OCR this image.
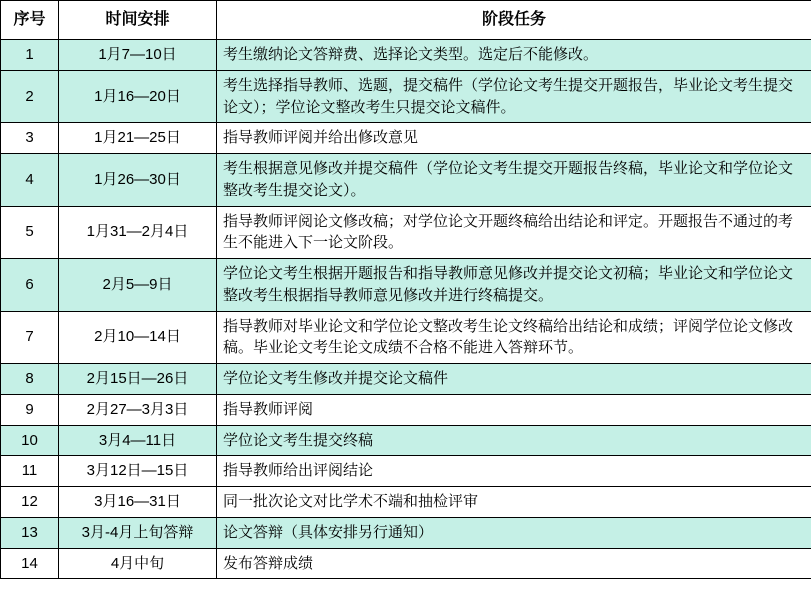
序号	时间安排	阶段任务
1	1月7—10日	考生缴纳论文答辩费、选择论文类型。选定后不能修改。
2	1月16—20日	考生选择指导教师、选题，提交稿件（学位论文考生提交开题报告，毕业论文考生提交论文）；学位论文整改考生只提交论文稿件。
3	1月21—25日	指导教师评阅并给出修改意见
4	1月26—30日	考生根据意见修改并提交稿件（学位论文考生提交开题报告终稿，毕业论文和学位论文整改考生提交论文）。
5	1月31—2月4日	指导教师评阅论文修改稿；对学位论文开题终稿给出结论和评定。开题报告不通过的考生不能进入下一论文阶段。
6	2月5—9日	学位论文考生根据开题报告和指导教师意见修改并提交论文初稿；毕业论文和学位论文整改考生根据指导教师意见修改并进行终稿提交。
7	2月10—14日	指导教师对毕业论文和学位论文整改考生论文终稿给出结论和成绩；评阅学位论文修改稿。毕业论文考生论文成绩不合格不能进入答辩环节。
8	2月15日—26日	学位论文考生修改并提交论文稿件
9	2月27—3月3日	指导教师评阅
10	3月4—11日	学位论文考生提交终稿
11	3月12日—15日	指导教师给出评阅结论
12	3月16—31日	同一批次论文对比学术不端和抽检评审
13	3月-4月上旬答辩	论文答辩（具体安排另行通知）
14	4月中旬	发布答辩成绩
